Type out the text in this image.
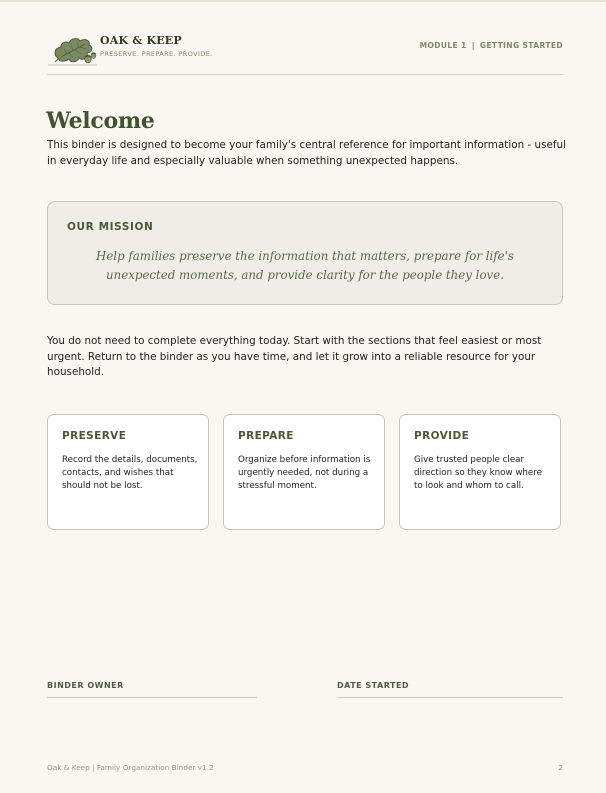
OAK & KEEP
PRESERVE. PREPARE. PROVIDE.
MODULE 1 | GETTING STARTED
Welcome
This binder is designed to become your family's central reference for important information - useful in everyday life and especially valuable when something unexpected happens.
OUR MISSION
Help families preserve the information that matters, prepare for life's unexpected moments, and provide clarity for the people they love.
You do not need to complete everything today. Start with the sections that feel easiest or most urgent. Return to the binder as you have time, and let it grow into a reliable resource for your household.
PRESERVE
Record the details, documents, contacts, and wishes that should not be lost.
PREPARE
Organize before information is urgently needed, not during a stressful moment.
PROVIDE
Give trusted people clear direction so they know where to look and whom to call.
BINDER OWNER	DATE STARTED
Oak & Keep | Family Organization Binder v1.2	2
